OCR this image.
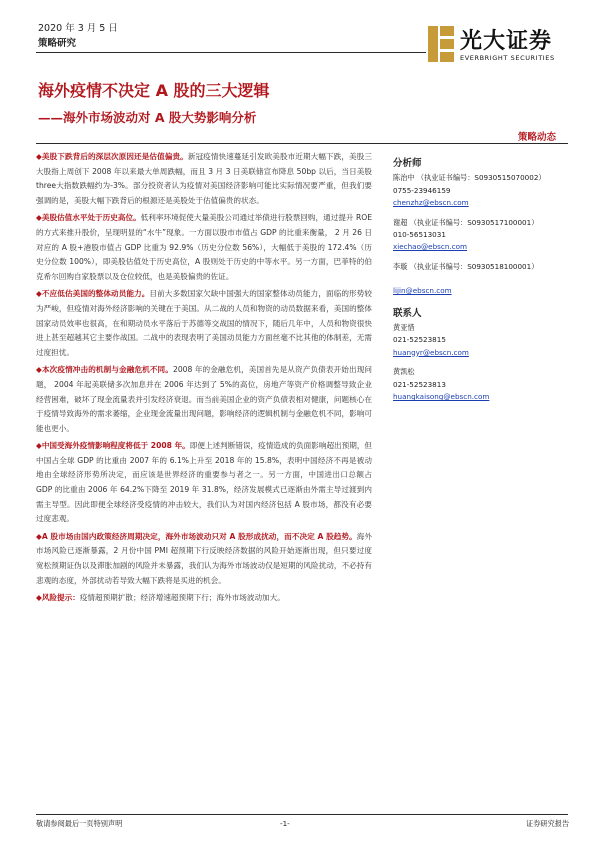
2020 年 3 月 5 日
策略研究	光大证券
EVERBRIGHT SECURITIES
海外疫情不决定 A 股的三大逻辑
——海外市场波动对 A 股大势影响分析
策略动态

◆美股下跌背后的深层次原因还是估值偏贵。新冠疫情快速蔓延引发欧美股市近期大幅下跌，美股三大股指上周创下 2008 年以来最大单周跌幅，而且 3 月 3 日美联储宣布降息 50bp 以后，当日美股three大指数跌幅约为-3%。部分投资者认为疫情对美国经济影响可能比实际情况要严重，但我们要强调的是，美股大幅下跌背后的根源还是美股处于估值偏贵的状态。

◆美股估值水平处于历史高位。低利率环境促使大量美股公司通过举债进行股票回购，通过提升 ROE 的方式来推升股价，呈现明显的“水牛”现象。一方面以股市市值占 GDP 的比重来衡量， 2 月 26 日对应的 A 股+港股市值占 GDP 比重为 92.9%（历史分位数 56%），大幅低于美股的 172.4%（历史分位数 100%），即美股估值处于历史高位，A 股则处于历史的中等水平。另一方面，巴菲特的伯克希尔回购自家股票以及仓位较低，也是美股偏贵的佐证。

◆不应低估美国的整体动员能力。目前大多数国家欠缺中国强大的国家整体动员能力，面临的形势较为严峻，但疫情对海外经济影响的关键在于美国。从二战的人员和物资的动员数据来看，美国的整体国家动员效率也很高，在和期动员水平落后于苏德等交战国的情况下，随后几年中，人员和物资很快进上甚至超越其它主要作战国。二战中的表现表明了美国动员能力方面丝毫不比其他的体制差，无需过度担忧。

◆本次疫情冲击的机制与金融危机不同。2008 年的金融危机，美国首先是从资产负债表开始出现问题， 2004 年起美联储多次加息并在 2006 年达到了 5%的高位，房地产等资产价格调整导致企业经营困难，破坏了现金流量表并引发经济衰退。而当前美国企业的资产负债表相对健康，问题核心在于疫情导致海外的需求萎缩，企业现金流量出现问题，影响经济的逻辑机制与金融危机不同，影响可能也更小。

◆中国受海外疫情影响程度将低于 2008 年。即便上述判断错误，疫情造成的负面影响超出预期，但中国占全球 GDP 的比重由 2007 年的 6.1%上升至 2018 年的 15.8%，表明中国经济不再是被动地由全球经济形势所决定，而应该是世界经济的重要参与者之一。另一方面，中国进出口总额占 GDP 的比重由 2006 年 64.2%下降至 2019 年 31.8%，经济发展模式已逐渐由外需主导过渡到内需主导型。因此即便全球经济受疫情的冲击较大，我们认为对国内经济包括 A 股市场，都没有必要过度悲观。

◆A 股市场由国内政策经济周期决定，海外市场波动只对 A 股形成扰动，而不决定 A 股趋势。海外市场风险已逐渐暴露，2 月份中国 PMI 超预期下行反映经济数据的风险开始逐渐出现，但只要过度宽松预期证伪以及滞胀加剧的风险并未暴露，我们认为海外市场波动仅是短期的风险扰动，不必持有悲观的态度，外部扰动若导致大幅下跌将是买进的机会。

◆风险提示：疫情超预期扩散；经济增速超预期下行；海外市场波动加大。

分析师
陈治中 （执业证书编号：S0930515070002）
0755-23946159
chenzhz@ebscn.com
谢超 （执业证书编号：S0930517100001）
010-56513031
xiechao@ebscn.com
李璇 （执业证书编号：S0930518100001）
lijin@ebscn.com
联系人
黄亚惜
021-52523815
huangyr@ebscn.com
黄凯松
021-52523813
huangkaisong@ebscn.com
敬请参阅最后一页特别声明	-1-	证券研究报告
